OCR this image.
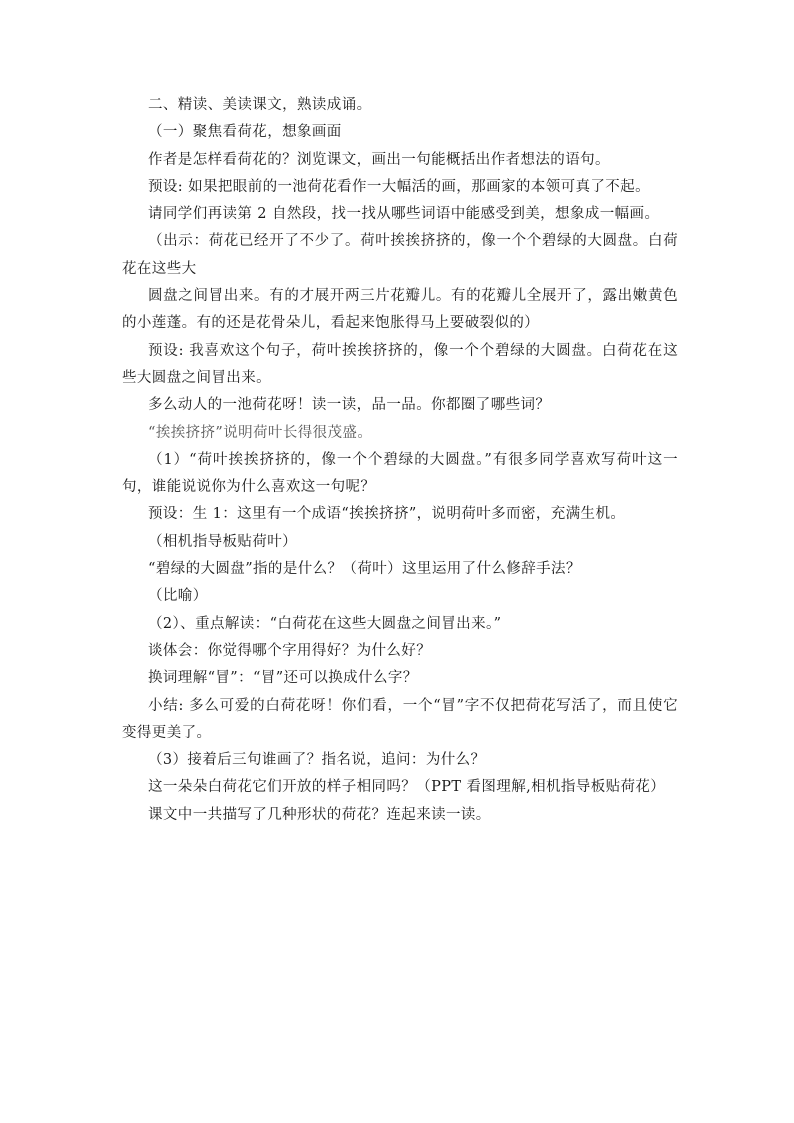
二、精读、美读课文，熟读成诵。

（一）聚焦看荷花，想象画面

作者是怎样看荷花的？浏览课文，画出一句能概括出作者想法的语句。

预设: 如果把眼前的一池荷花看作一大幅活的画，那画家的本领可真了不起。

请同学们再读第 2 自然段，找一找从哪些词语中能感受到美，想象成一幅画。

（出示：荷花已经开了不少了。荷叶挨挨挤挤的，像一个个碧绿的大圆盘。白荷花在这些大

圆盘之间冒出来。有的才展开两三片花瓣儿。有的花瓣儿全展开了，露出嫩黄色的小莲蓬。有的还是花骨朵儿，看起来饱胀得马上要破裂似的）

预设: 我喜欢这个句子，荷叶挨挨挤挤的，像一个个碧绿的大圆盘。白荷花在这些大圆盘之间冒出来。

多么动人的一池荷花呀！读一读，品一品。你都圈了哪些词？

“挨挨挤挤”说明荷叶长得很茂盛。

（1）“荷叶挨挨挤挤的，像一个个碧绿的大圆盘。”有很多同学喜欢写荷叶这一句，谁能说说你为什么喜欢这一句呢？

预设：生 1：这里有一个成语“挨挨挤挤”，说明荷叶多而密，充满生机。

（相机指导板贴荷叶）

“碧绿的大圆盘”指的是什么？（荷叶）这里运用了什么修辞手法？

（比喻）

（2）、重点解读：“白荷花在这些大圆盘之间冒出来。”

谈体会：你觉得哪个字用得好？为什么好？

换词理解“冒”：“冒”还可以换成什么字？

小结: 多么可爱的白荷花呀！你们看，一个“冒”字不仅把荷花写活了，而且使它变得更美了。

（3）接着后三句谁画了？指名说，追问：为什么？

这一朵朵白荷花它们开放的样子相同吗？（PPT 看图理解,相机指导板贴荷花）

课文中一共描写了几种形状的荷花？连起来读一读。
